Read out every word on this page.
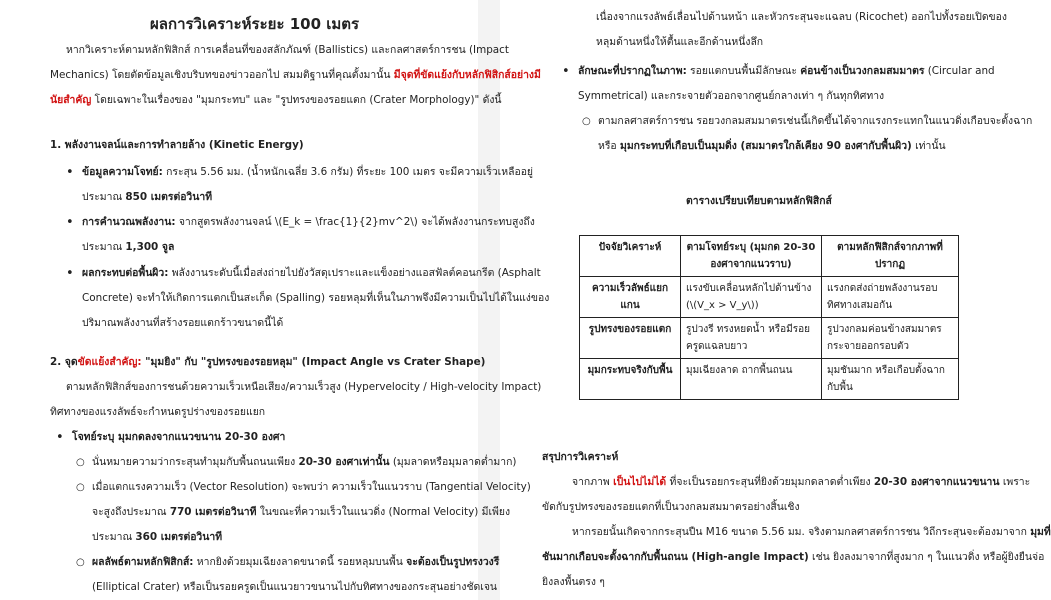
ผลการวิเคราะห์ระยะ 100 เมตร
หากวิเคราะห์ตามหลักฟิสิกส์ การเคลื่อนที่ของสลักภัณฑ์ (Ballistics) และกลศาสตร์การชน (Impact
Mechanics) โดยตัดข้อมูลเชิงบริบทของข่าวออกไป สมมติฐานที่คุณตั้งมานั้น มีจุดที่ขัดแย้งกับหลักฟิสิกส์อย่างมี
นัยสำคัญ โดยเฉพาะในเรื่องของ "มุมกระทบ" และ "รูปทรงของรอยแตก (Crater Morphology)" ดังนี้
1. พลังงานจลน์และการทำลายล้าง (Kinetic Energy)
• ข้อมูลความโจทย์: กระสุน 5.56 มม. (น้ำหนักเฉลี่ย 3.6 กรัม) ที่ระยะ 100 เมตร จะมีความเร็วเหลืออยู่
ประมาณ 850 เมตรต่อวินาที
• การคำนวณพลังงาน: จากสูตรพลังงานจลน์ \(E_k = \frac{1}{2}mv^2\) จะได้พลังงานกระทบสูงถึง
ประมาณ 1,300 จูล
• ผลกระทบต่อพื้นผิว: พลังงานระดับนี้เมื่อส่งถ่ายไปยังวัสดุเปราะและแข็งอย่างแอสฟัลต์คอนกรีต (Asphalt
Concrete) จะทำให้เกิดการแตกเป็นสะเก็ด (Spalling) รอยหลุมที่เห็นในภาพจึงมีความเป็นไปได้ในแง่ของ
ปริมาณพลังงานที่สร้างรอยแตกร้าวขนาดนี้ได้
2. จุดขัดแย้งสำคัญ: "มุมยิง" กับ "รูปทรงของรอยหลุม" (Impact Angle vs Crater Shape)
ตามหลักฟิสิกส์ของการชนด้วยความเร็วเหนือเสียง/ความเร็วสูง (Hypervelocity / High-velocity Impact)
ทิศทางของแรงลัพธ์จะกำหนดรูปร่างของรอยแยก
• โจทย์ระบุ มุมกดลงจากแนวขนาน 20-30 องศา
○ นั่นหมายความว่ากระสุนทำมุมกับพื้นถนนเพียง 20-30 องศาเท่านั้น (มุมลาดหรือมุมลาดต่ำมาก)
○ เมื่อแตกแรงความเร็ว (Vector Resolution) จะพบว่า ความเร็วในแนวราบ (Tangential Velocity)
จะสูงถึงประมาณ 770 เมตรต่อวินาที ในขณะที่ความเร็วในแนวดิ่ง (Normal Velocity) มีเพียง
ประมาณ 360 เมตรต่อวินาที
○ ผลลัพธ์ตามหลักฟิสิกส์: หากยิงด้วยมุมเฉียงลาดขนาดนี้ รอยหลุมบนพื้น จะต้องเป็นรูปทรงวงรี
(Elliptical Crater) หรือเป็นรอยครูดเป็นแนวยาวขนานไปกับทิศทางของกระสุนอย่างชัดเจน
เนื่องจากแรงลัพธ์เลื่อนไปด้านหน้า และหัวกระสุนจะแฉลบ (Ricochet) ออกไปทั้งรอยเปิดของ
หลุมด้านหนึ่งให้ตื้นและอีกด้านหนึ่งลึก
• ลักษณะที่ปรากฏในภาพ: รอยแตกบนพื้นมีลักษณะ ค่อนข้างเป็นวงกลมสมมาตร (Circular and
Symmetrical) และกระจายตัวออกจากศูนย์กลางเท่า ๆ กันทุกทิศทาง
○ ตามกลศาสตร์การชน รอยวงกลมสมมาตรเช่นนี้เกิดขึ้นได้จากแรงกระแทกในแนวดิ่งเกือบจะตั้งฉาก
หรือ มุมกระทบที่เกือบเป็นมุมดิ่ง (สมมาตรใกล้เคียง 90 องศากับพื้นผิว) เท่านั้น
ตารางเปรียบเทียบตามหลักฟิสิกส์
ปัจจัยวิเคราะห์	ตามโจทย์ระบุ (มุมกด 20-30 องศาจากแนวราบ)	ตามหลักฟิสิกส์จากภาพที่ปรากฏ
ความเร็วลัพธ์แยกแกน	แรงขับเคลื่อนหลักไปด้านข้าง (\(V_x > V_y\))	แรงกดส่งถ่ายพลังงานรอบทิศทางเสมอกัน
รูปทรงของรอยแตก	รูปวงรี ทรงหยดน้ำ หรือมีรอยครูดแฉลบยาว	รูปวงกลมค่อนข้างสมมาตร กระจายออกรอบตัว
มุมกระทบจริงกับพื้น	มุมเฉียงลาด ถากพื้นถนน	มุมชันมาก หรือเกือบตั้งฉากกับพื้น
สรุปการวิเคราะห์
จากภาพ เป็นไปไม่ได้ ที่จะเป็นรอยกระสุนที่ยิงด้วยมุมกดลาดต่ำเพียง 20-30 องศาจากแนวขนาน เพราะ
ขัดกับรูปทรงของรอยแตกที่เป็นวงกลมสมมาตรอย่างสิ้นเชิง
หากรอยนั้นเกิดจากกระสุนปืน M16 ขนาด 5.56 มม. จริงตามกลศาสตร์การชน วิถีกระสุนจะต้องมาจาก มุมที่
ชันมากเกือบจะตั้งฉากกับพื้นถนน (High-angle Impact) เช่น ยิงลงมาจากที่สูงมาก ๆ ในแนวดิ่ง หรือผู้ยิงยืนจ่อ
ยิงลงพื้นตรง ๆ
